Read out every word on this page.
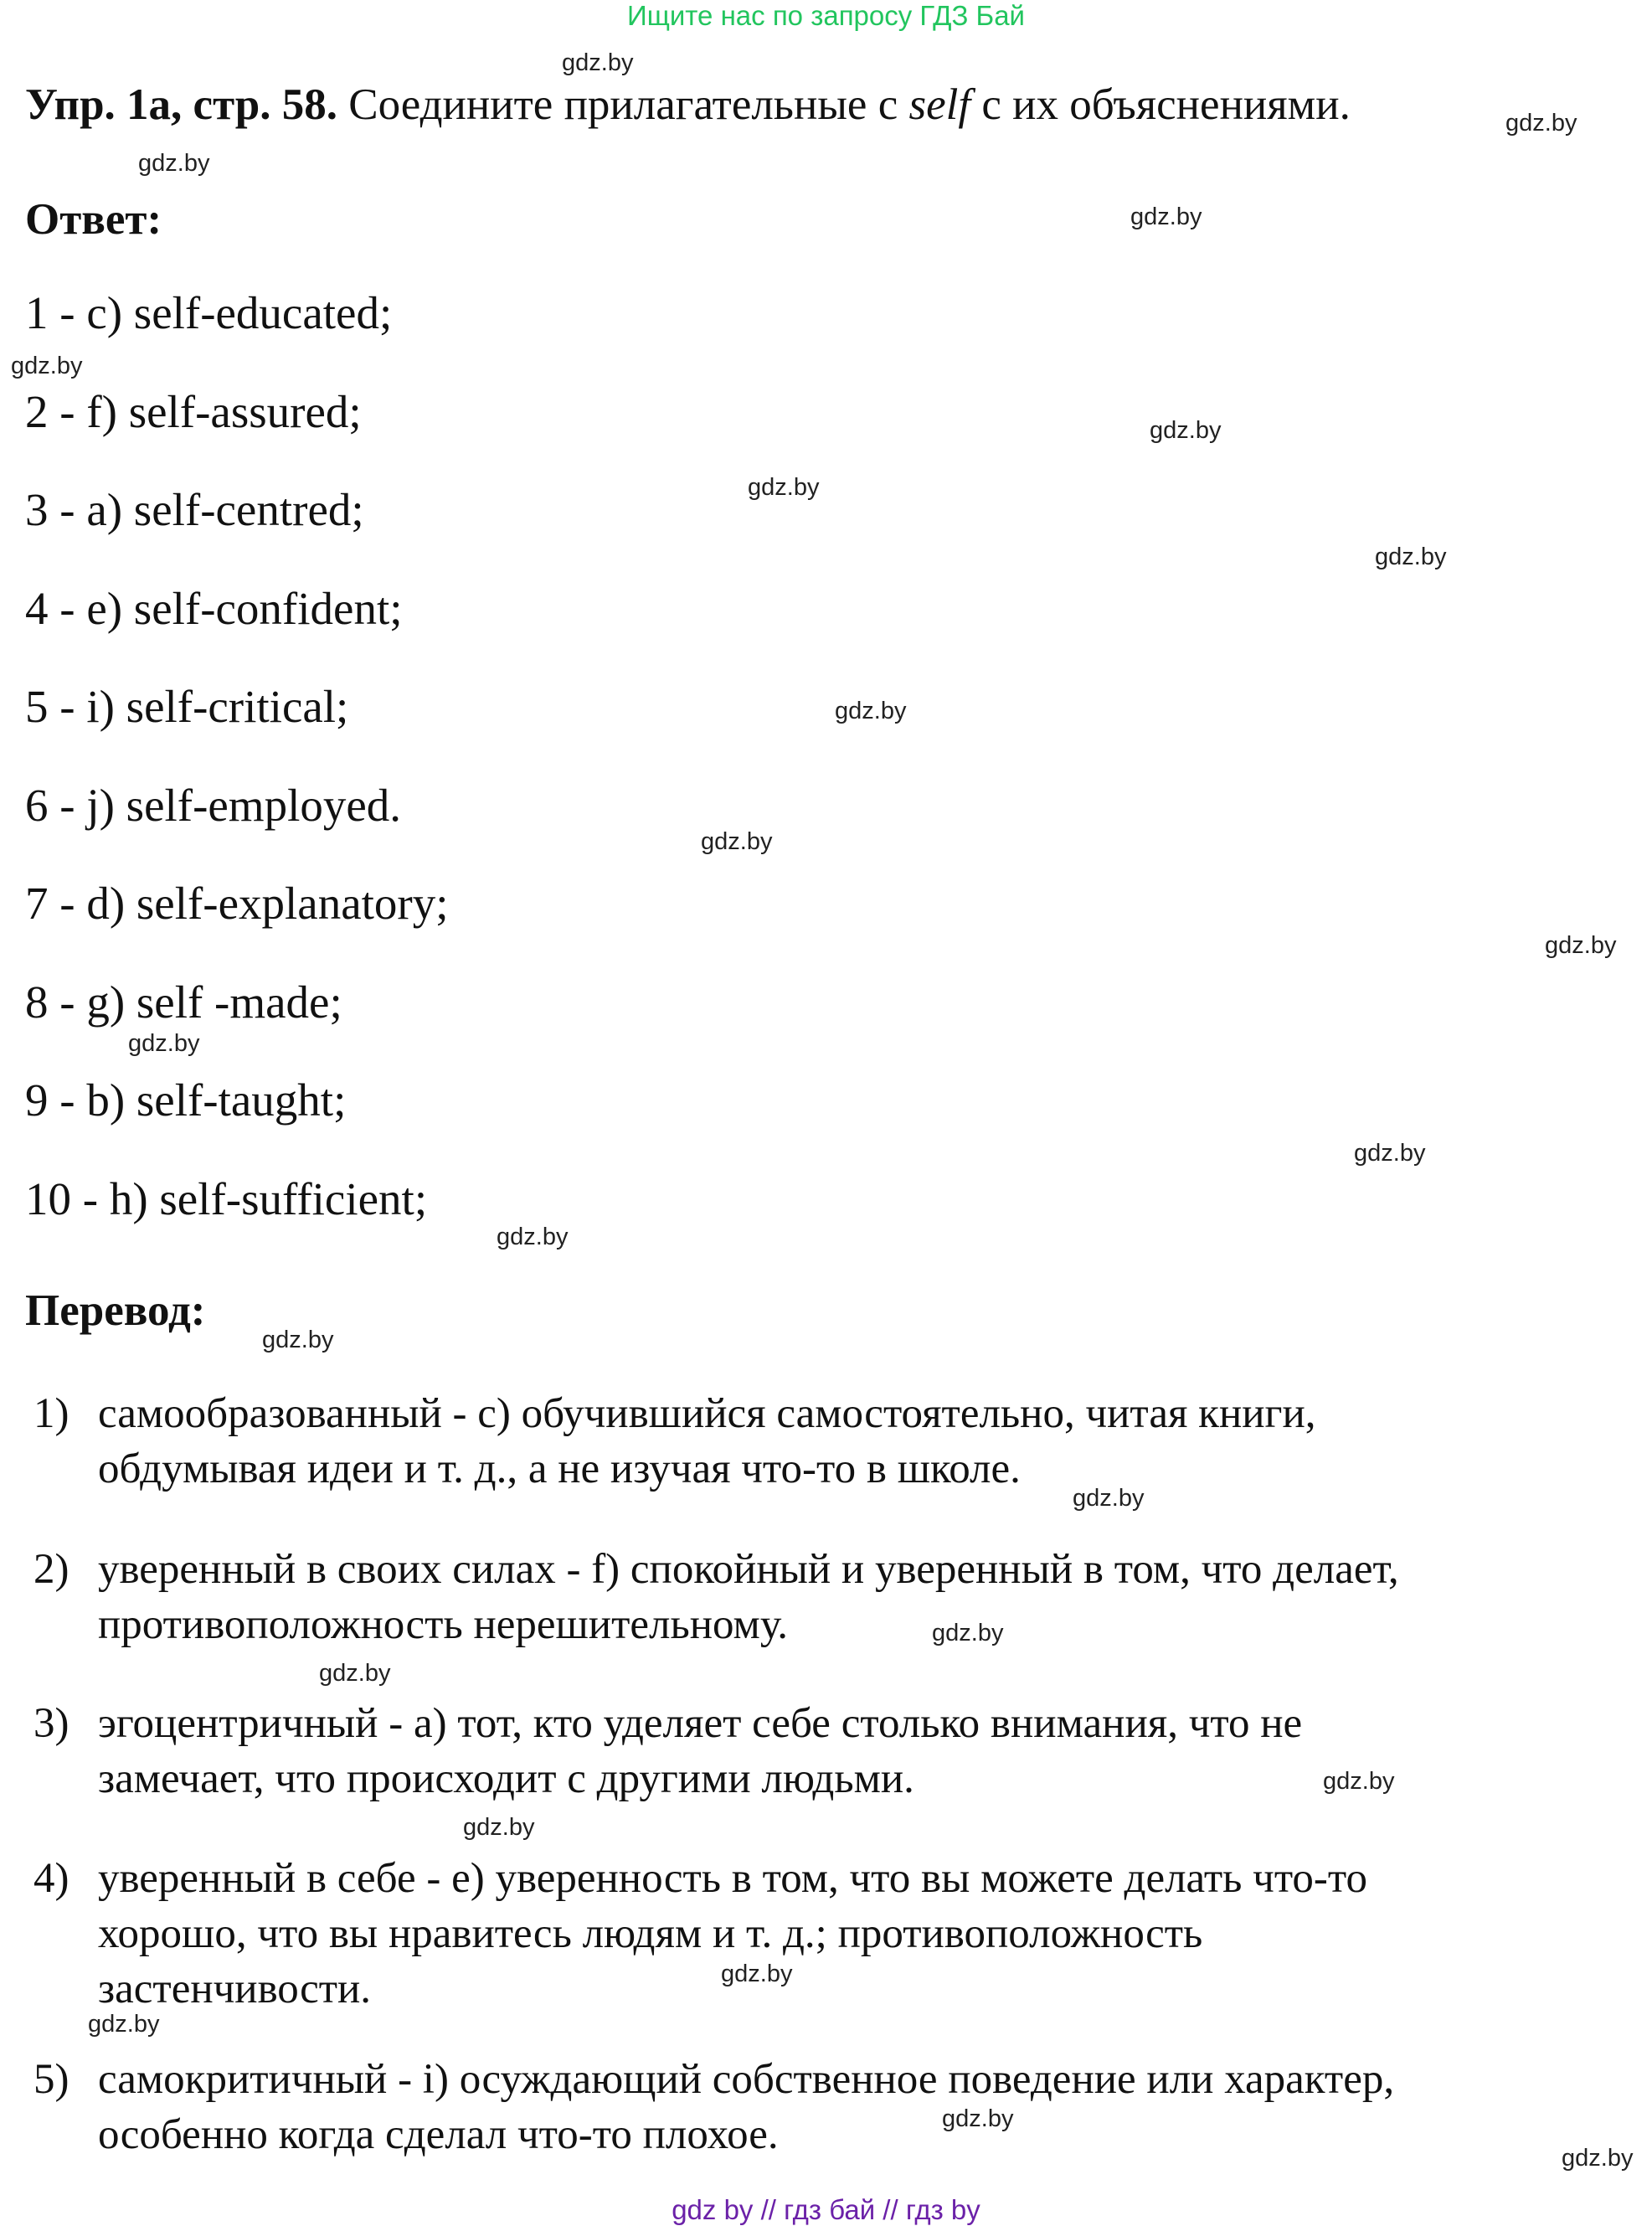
Ищите нас по запросу ГДЗ Бай
Упр. 1a, стр. 58. Соедините прилагательные с self с их объяснениями.
Ответ:
1 - c) self-educated;
2 - f) self-assured;
3 - a) self-centred;
4 - e) self-confident;
5 - i) self-critical;
6 - j) self-employed.
7 - d) self-explanatory;
8 - g) self -made;
9 - b) self-taught;
10 - h) self-sufficient;
Перевод:
1) самообразованный - c) обучившийся самостоятельно, читая книги,
обдумывая идеи и т. д., а не изучая что-то в школе.
2) уверенный в своих силах - f) спокойный и уверенный в том, что делает,
противоположность нерешительному.
3) эгоцентричный - a) тот, кто уделяет себе столько внимания, что не
замечает, что происходит с другими людьми.
4) уверенный в себе - e) уверенность в том, что вы можете делать что-то
хорошо, что вы нравитесь людям и т. д.; противоположность
застенчивости.
5) самокритичный - i) осуждающий собственное поведение или характер,
особенно когда сделал что-то плохое.
gdz.by
gdz.by
gdz.by
gdz.by
gdz.by
gdz.by
gdz.by
gdz.by
gdz.by
gdz.by
gdz.by
gdz.by
gdz.by
gdz.by
gdz.by
gdz.by
gdz.by
gdz.by
gdz.by
gdz.by
gdz.by
gdz.by
gdz.by
gdz.by
gdz by // гдз бай // гдз by
